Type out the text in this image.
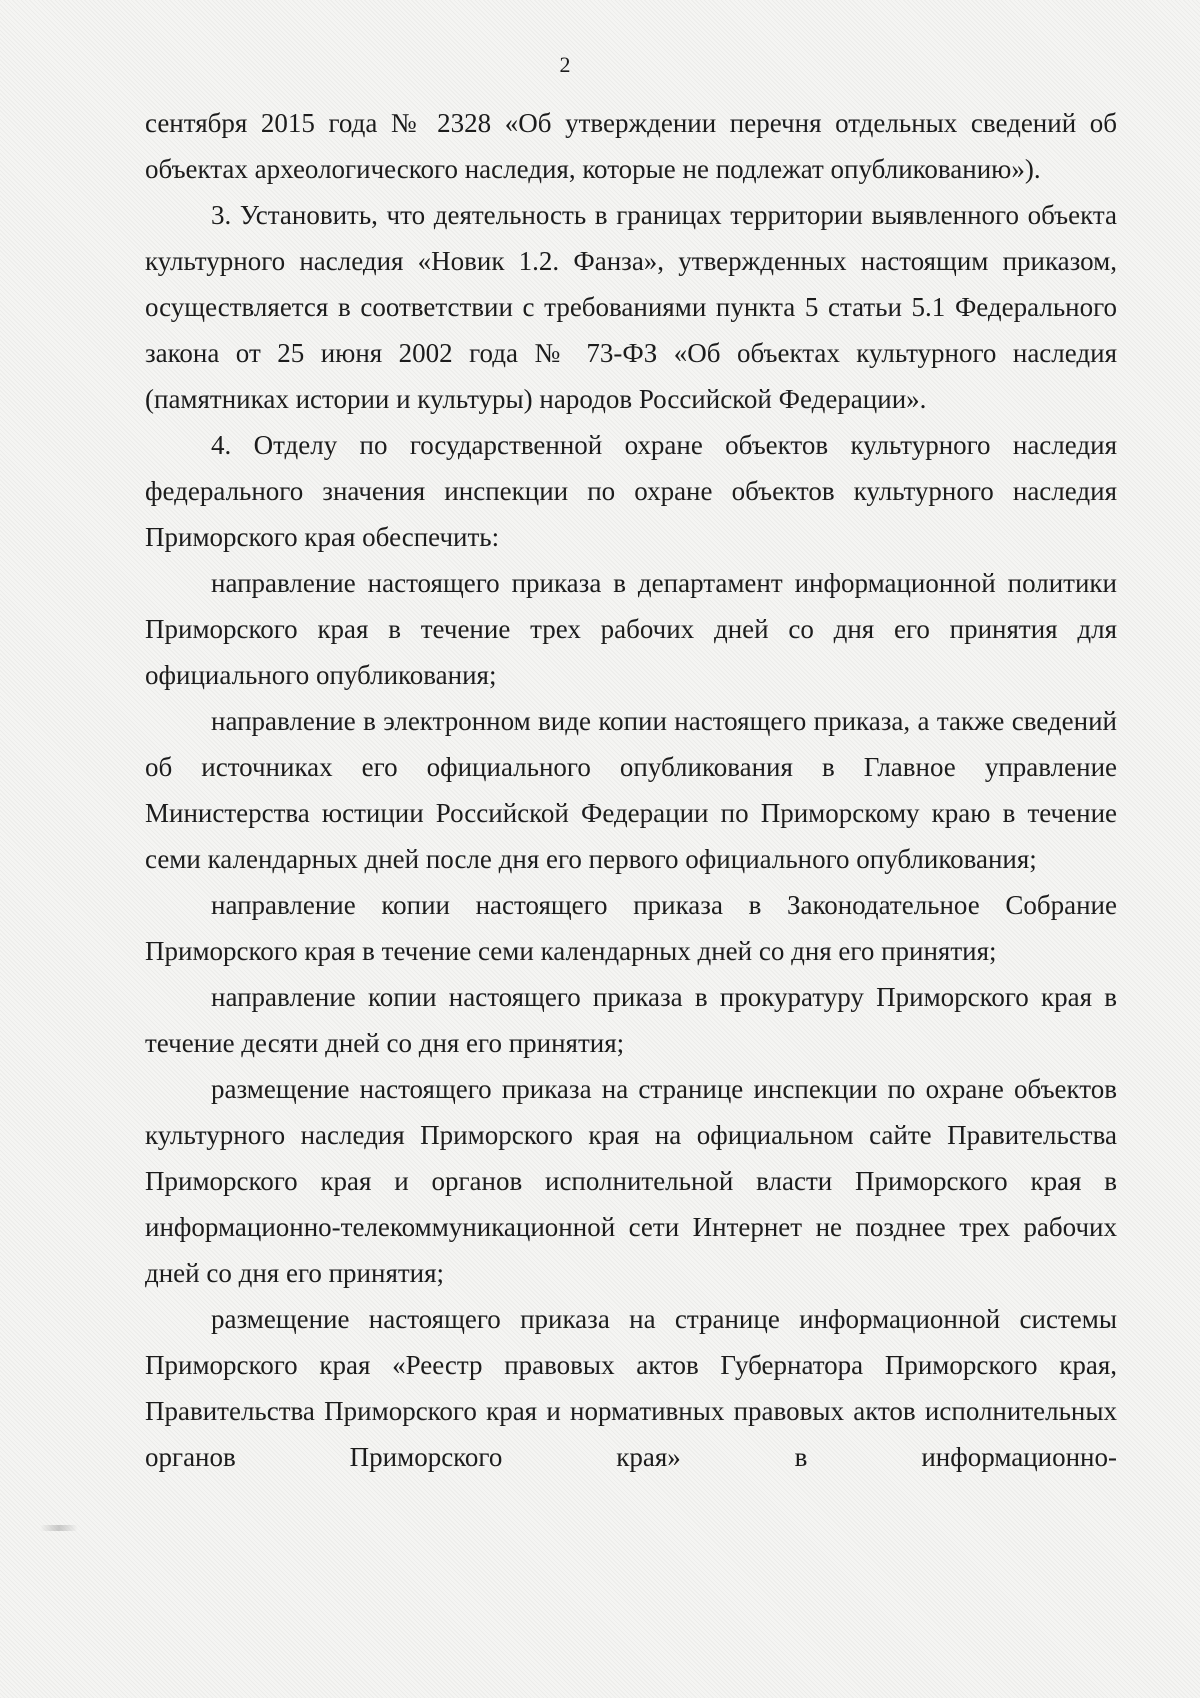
2

сентября 2015 года № 2328 «Об утверждении перечня отдельных сведений об объектах археологического наследия, которые не подлежат опубликованию»).

3. Установить, что деятельность в границах территории выявленного объекта культурного наследия «Новик 1.2. Фанза», утвержденных настоящим приказом, осуществляется в соответствии с требованиями пункта 5 статьи 5.1 Федерального закона от 25 июня 2002 года № 73-ФЗ «Об объектах культурного наследия (памятниках истории и культуры) народов Российской Федерации».

4. Отделу по государственной охране объектов культурного наследия федерального значения инспекции по охране объектов культурного наследия Приморского края обеспечить:

направление настоящего приказа в департамент информационной политики Приморского края в течение трех рабочих дней со дня его принятия для официального опубликования;

направление в электронном виде копии настоящего приказа, а также сведений об источниках его официального опубликования в Главное управление Министерства юстиции Российской Федерации по Приморскому краю в течение семи календарных дней после дня его первого официального опубликования;

направление копии настоящего приказа в Законодательное Собрание Приморского края в течение семи календарных дней со дня его принятия;

направление копии настоящего приказа в прокуратуру Приморского края в течение десяти дней со дня его принятия;

размещение настоящего приказа на странице инспекции по охране объектов культурного наследия Приморского края на официальном сайте Правительства Приморского края и органов исполнительной власти Приморского края в информационно-телекоммуникационной сети Интернет не позднее трех рабочих дней со дня его принятия;

размещение настоящего приказа на странице информационной системы Приморского края «Реестр правовых актов Губернатора Приморского края, Правительства Приморского края и нормативных правовых актов исполнительных органов Приморского края» в информационно-
